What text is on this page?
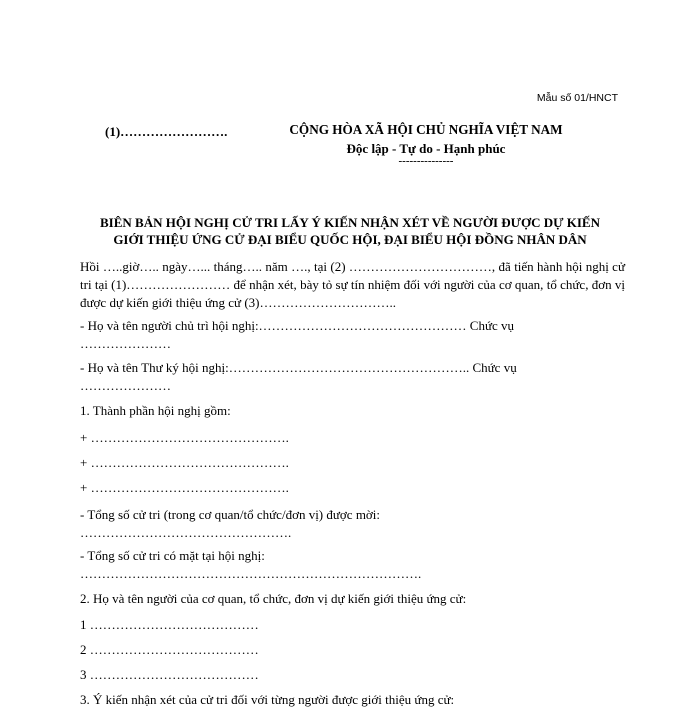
Mẫu số 01/HNCT
(1)…………………….	CỘNG HÒA XÃ HỘI CHỦ NGHĨA VIỆT NAM
Độc lập - Tự do - Hạnh phúc
---------------
BIÊN BẢN HỘI NGHỊ CỬ TRI LẤY Ý KIẾN NHẬN XÉT VỀ NGƯỜI ĐƯỢC DỰ KIẾN
GIỚI THIỆU ỨNG CỬ ĐẠI BIỂU QUỐC HỘI, ĐẠI BIỂU HỘI ĐỒNG NHÂN DÂN
Hồi …..giờ….. ngày…... tháng….. năm …., tại (2) ……………………………, đã tiến hành hội nghị cử tri tại (1)…………………… để nhận xét, bày tỏ sự tín nhiệm đối với người của cơ quan, tổ chức, đơn vị được dự kiến giới thiệu ứng cử (3)…………………………..
- Họ và tên người chủ trì hội nghị:………………………………………… Chức vụ
…………………
- Họ và tên Thư ký hội nghị:……………………………………………….. Chức vụ
…………………
1. Thành phần hội nghị gồm:
+ ……………………………………….
+ ……………………………………….
+ ……………………………………….
- Tổng số cử tri (trong cơ quan/tổ chức/đơn vị) được mời:
………………………………………….
- Tổng số cử tri có mặt tại hội nghị:
…………………………………………………………………….
2. Họ và tên người của cơ quan, tổ chức, đơn vị dự kiến giới thiệu ứng cử:
1 …………………………………
2 …………………………………
3 …………………………………
3. Ý kiến nhận xét của cử tri đối với từng người được giới thiệu ứng cử:
